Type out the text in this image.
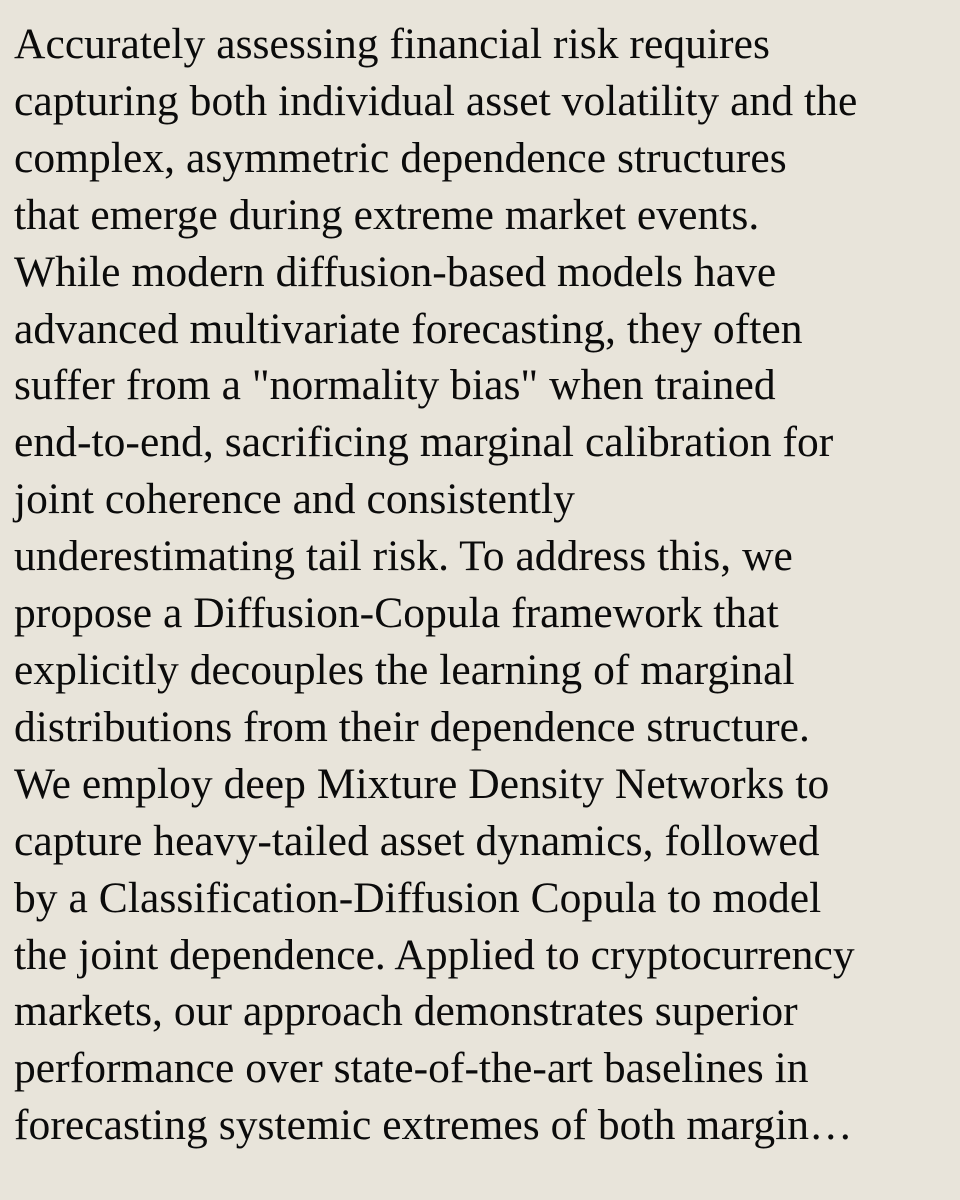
Accurately assessing financial risk requires
capturing both individual asset volatility and the
complex, asymmetric dependence structures
that emerge during extreme market events.
While modern diffusion-based models have
advanced multivariate forecasting, they often
suffer from a "normality bias" when trained
end-to-end, sacrificing marginal calibration for
joint coherence and consistently
underestimating tail risk. To address this, we
propose a Diffusion-Copula framework that
explicitly decouples the learning of marginal
distributions from their dependence structure.
We employ deep Mixture Density Networks to
capture heavy-tailed asset dynamics, followed
by a Classification-Diffusion Copula to model
the joint dependence. Applied to cryptocurrency
markets, our approach demonstrates superior
performance over state-of-the-art baselines in
forecasting systemic extremes of both margin…
